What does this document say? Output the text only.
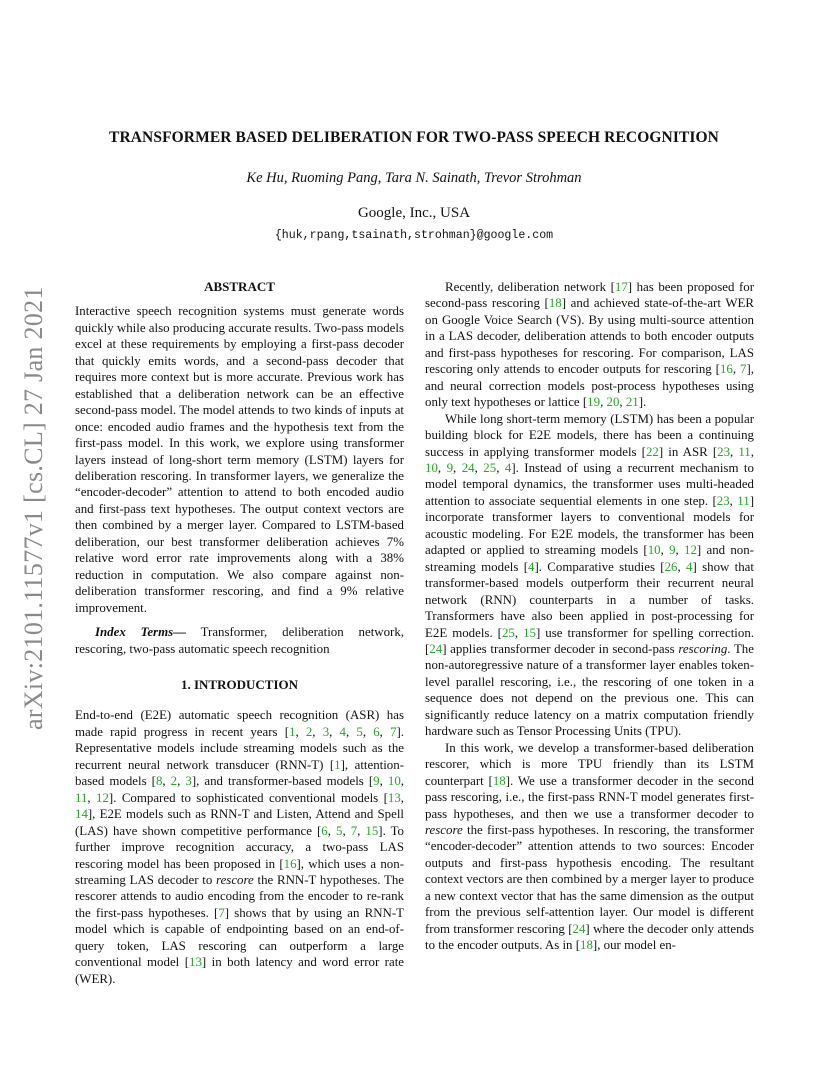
arXiv:2101.11577v1 [cs.CL] 27 Jan 2021
TRANSFORMER BASED DELIBERATION FOR TWO-PASS SPEECH RECOGNITION
Ke Hu, Ruoming Pang, Tara N. Sainath, Trevor Strohman
Google, Inc., USA
{huk,rpang,tsainath,strohman}@google.com
ABSTRACT

Interactive speech recognition systems must generate words quickly while also producing accurate results. Two-pass models excel at these requirements by employing a first-pass decoder that quickly emits words, and a second-pass decoder that requires more context but is more accurate. Previous work has established that a deliberation network can be an effective second-pass model. The model attends to two kinds of inputs at once: encoded audio frames and the hypothesis text from the first-pass model. In this work, we explore using transformer layers instead of long-short term memory (LSTM) layers for deliberation rescoring. In transformer layers, we generalize the “encoder-decoder” attention to attend to both encoded audio and first-pass text hypotheses. The output context vectors are then combined by a merger layer. Compared to LSTM-based deliberation, our best transformer deliberation achieves 7% relative word error rate improvements along with a 38% reduction in computation. We also compare against non-deliberation transformer rescoring, and find a 9% relative improvement.

Index Terms— Transformer, deliberation network, rescoring, two-pass automatic speech recognition

1. INTRODUCTION

End-to-end (E2E) automatic speech recognition (ASR) has made rapid progress in recent years [1, 2, 3, 4, 5, 6, 7]. Representative models include streaming models such as the recurrent neural network transducer (RNN-T) [1], attention-based models [8, 2, 3], and transformer-based models [9, 10, 11, 12]. Compared to sophisticated conventional models [13, 14], E2E models such as RNN-T and Listen, Attend and Spell (LAS) have shown competitive performance [6, 5, 7, 15]. To further improve recognition accuracy, a two-pass LAS rescoring model has been proposed in [16], which uses a non-streaming LAS decoder to rescore the RNN-T hypotheses. The rescorer attends to audio encoding from the encoder to re-rank the first-pass hypotheses. [7] shows that by using an RNN-T model which is capable of endpointing based on an end-of-query token, LAS rescoring can outperform a large conventional model [13] in both latency and word error rate (WER).

Recently, deliberation network [17] has been proposed for second-pass rescoring [18] and achieved state-of-the-art WER on Google Voice Search (VS). By using multi-source attention in a LAS decoder, deliberation attends to both encoder outputs and first-pass hypotheses for rescoring. For comparison, LAS rescoring only attends to encoder outputs for rescoring [16, 7], and neural correction models post-process hypotheses using only text hypotheses or lattice [19, 20, 21].

While long short-term memory (LSTM) has been a popular building block for E2E models, there has been a continuing success in applying transformer models [22] in ASR [23, 11, 10, 9, 24, 25, 4]. Instead of using a recurrent mechanism to model temporal dynamics, the transformer uses multi-headed attention to associate sequential elements in one step. [23, 11] incorporate transformer layers to conventional models for acoustic modeling. For E2E models, the transformer has been adapted or applied to streaming models [10, 9, 12] and non-streaming models [4]. Comparative studies [26, 4] show that transformer-based models outperform their recurrent neural network (RNN) counterparts in a number of tasks. Transformers have also been applied in post-processing for E2E models. [25, 15] use transformer for spelling correction. [24] applies transformer decoder in second-pass rescoring. The non-autoregressive nature of a transformer layer enables token-level parallel rescoring, i.e., the rescoring of one token in a sequence does not depend on the previous one. This can significantly reduce latency on a matrix computation friendly hardware such as Tensor Processing Units (TPU).

In this work, we develop a transformer-based deliberation rescorer, which is more TPU friendly than its LSTM counterpart [18]. We use a transformer decoder in the second pass rescoring, i.e., the first-pass RNN-T model generates first-pass hypotheses, and then we use a transformer decoder to rescore the first-pass hypotheses. In rescoring, the transformer “encoder-decoder” attention attends to two sources: Encoder outputs and first-pass hypothesis encoding. The resultant context vectors are then combined by a merger layer to produce a new context vector that has the same dimension as the output from the previous self-attention layer. Our model is different from transformer rescoring [24] where the decoder only attends to the encoder outputs. As in [18], our model en-
